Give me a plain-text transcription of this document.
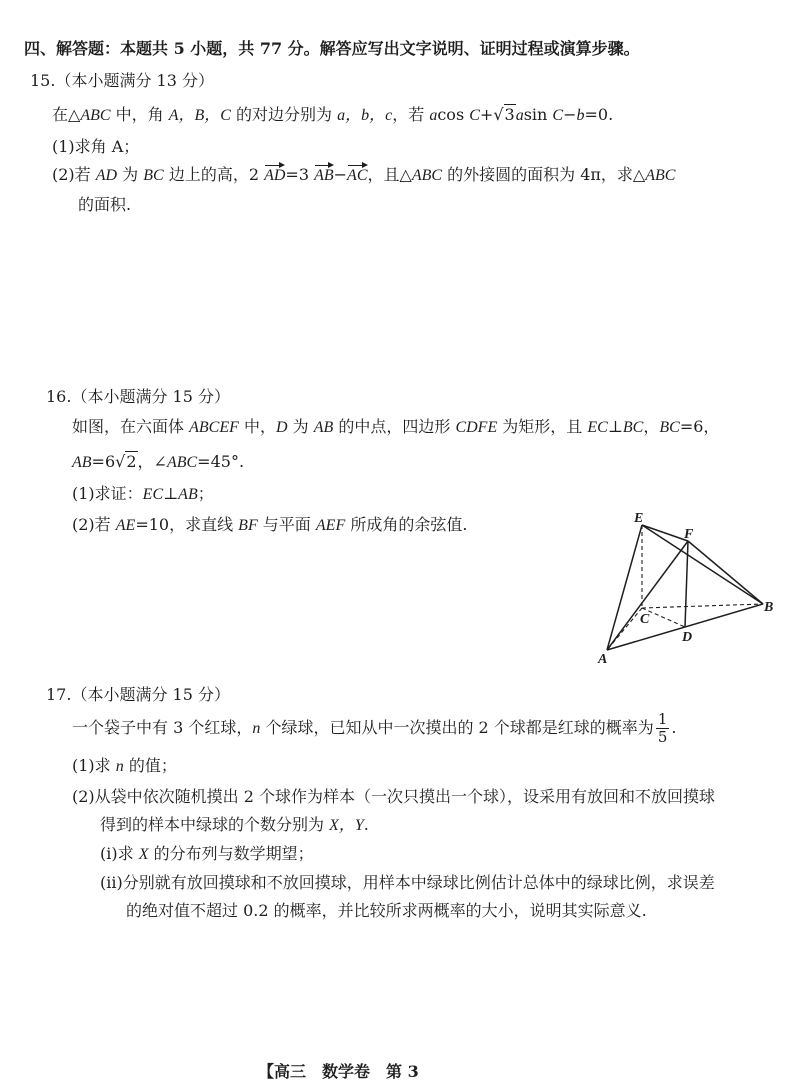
四、解答题：本题共 5 小题，共 77 分。解答应写出文字说明、证明过程或演算步骤。
15.（本小题满分 13 分）
在△ABC 中，角 A，B，C 的对边分别为 a，b，c，若 acos C+√3asin C−b=0.
(1)求角 A；
(2)若 AD 为 BC 边上的高，2 AD=3 AB−AC，且△ABC 的外接圆的面积为 4π，求△ABC
的面积.
16.（本小题满分 15 分）
如图，在六面体 ABCEF 中，D 为 AB 的中点，四边形 CDFE 为矩形，且 EC⊥BC，BC=6，
AB=6√2，∠ABC=45°.
(1)求证：EC⊥AB；
(2)若 AE=10，求直线 BF 与平面 AEF 所成角的余弦值.	E
F
B
C
D
A
17.（本小题满分 15 分）
一个袋子中有 3 个红球，n 个绿球，已知从中一次摸出的 2 个球都是红球的概率为 $\frac{1}{5}$ .
(1)求 n 的值；
(2)从袋中依次随机摸出 2 个球作为样本（一次只摸出一个球），设采用有放回和不放回摸球
得到的样本中绿球的个数分别为 X，Y.
(i)求 X 的分布列与数学期望；
(ii)分别就有放回摸球和不放回摸球，用样本中绿球比例估计总体中的绿球比例，求误差
的绝对值不超过 0.2 的概率，并比较所求两概率的大小，说明其实际意义.
【高三　数学卷　第 3
